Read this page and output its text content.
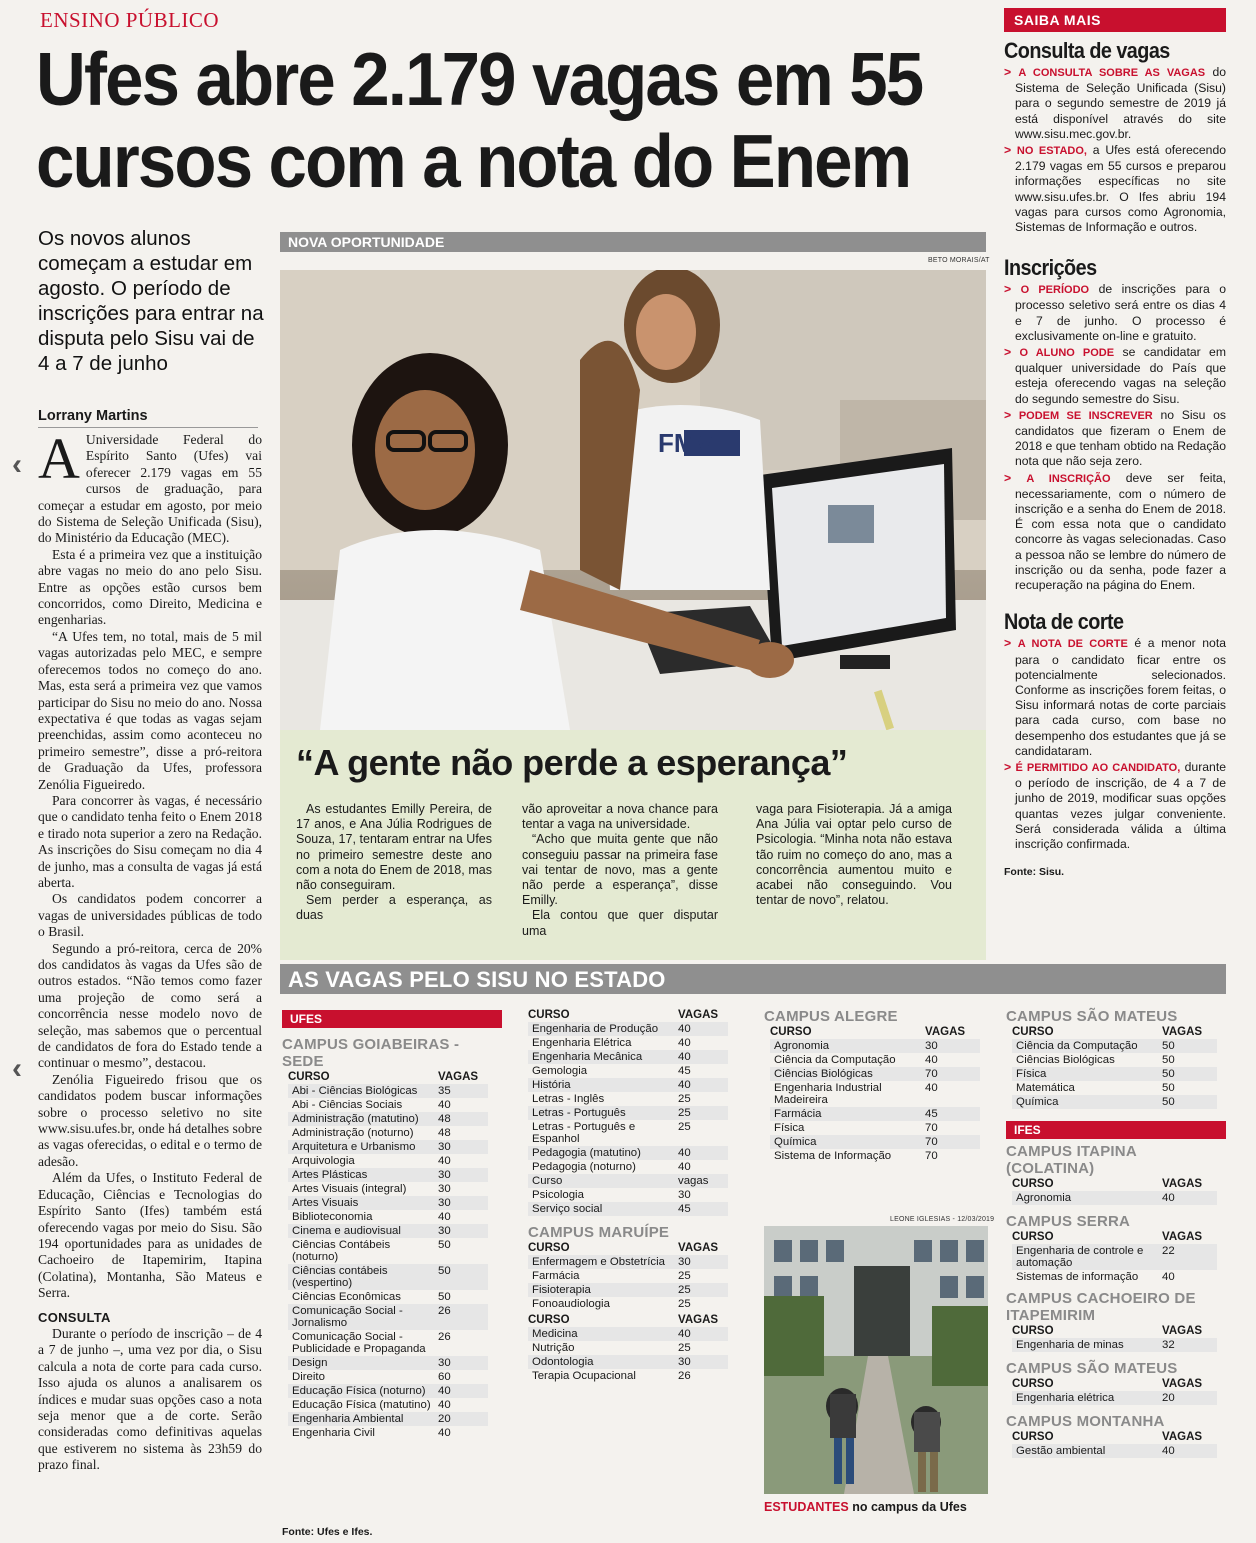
ENSINO PÚBLICO
Ufes abre 2.179 vagas em 55
cursos com a nota do Enem
Os novos alunos começam a estudar em agosto. O período de inscrições para entrar na disputa pelo Sisu vai de 4 a 7 de junho
Lorrany Martins
‹
‹

A Universidade Federal do Espírito Santo (Ufes) vai oferecer 2.179 vagas em 55 cursos de graduação, para começar a estudar em agosto, por meio do Sistema de Seleção Unificada (Sisu), do Ministério da Educação (MEC).

Esta é a primeira vez que a instituição abre vagas no meio do ano pelo Sisu. Entre as opções estão cursos bem concorridos, como Direito, Medicina e engenharias.

“A Ufes tem, no total, mais de 5 mil vagas autorizadas pelo MEC, e sempre oferecemos todos no começo do ano. Mas, esta será a primeira vez que vamos participar do Sisu no meio do ano. Nossa expectativa é que todas as vagas sejam preenchidas, assim como aconteceu no primeiro semestre”, disse a pró-reitora de Graduação da Ufes, professora Zenólia Figueiredo.

Para concorrer às vagas, é necessário que o candidato tenha feito o Enem 2018 e tirado nota superior a zero na Redação. As inscrições do Sisu começam no dia 4 de junho, mas a consulta de vagas já está aberta.

Os candidatos podem concorrer a vagas de universidades públicas de todo o Brasil.

Segundo a pró-reitora, cerca de 20% dos candidatos às vagas da Ufes são de outros estados. “Não temos como fazer uma projeção de como será a concorrência nesse modelo novo de seleção, mas sabemos que o percentual de candidatos de fora do Estado tende a continuar o mesmo”, destacou.

Zenólia Figueiredo frisou que os candidatos podem buscar informações sobre o processo seletivo no site www.sisu.ufes.br, onde há detalhes sobre as vagas oferecidas, o edital e o termo de adesão.

Além da Ufes, o Instituto Federal de Educação, Ciências e Tecnologias do Espírito Santo (Ifes) também está oferecendo vagas por meio do Sisu. São 194 oportunidades para as unidades de Cachoeiro de Itapemirim, Itapina (Colatina), Montanha, São Mateus e Serra.

CONSULTA

Durante o período de inscrição – de 4 a 7 de junho –, uma vez por dia, o Sisu calcula a nota de corte para cada curso. Isso ajuda os alunos a analisarem os índices e mudar suas opções caso a nota seja menor que a de corte. Serão consideradas como definitivas aquelas que estiverem no sistema às 23h59 do prazo final.

NOVA OPORTUNIDADE
BETO MORAIS/AT
FMV
“A gente não perde a esperança”

As estudantes Emilly Pereira, de 17 anos, e Ana Júlia Rodrigues de Souza, 17, tentaram entrar na Ufes no primeiro semestre deste ano com a nota do Enem de 2018, mas não conseguiram.

Sem perder a esperança, as duas

vão aproveitar a nova chance para tentar a vaga na universidade.

“Acho que muita gente que não conseguiu passar na primeira fase vai tentar de novo, mas a gente não perde a esperança”, disse Emilly.

Ela contou que quer disputar uma

vaga para Fisioterapia. Já a amiga Ana Júlia vai optar pelo curso de Psicologia. “Minha nota não estava tão ruim no começo do ano, mas a concorrência aumentou muito e acabei não conseguindo. Vou tentar de novo”, relatou.

SAIBA MAIS
Consulta de vagas

> A CONSULTA SOBRE AS VAGAS do Sistema de Seleção Unificada (Sisu) para o segundo semestre de 2019 já está disponível através do site www.sisu.mec.gov.br.

> NO ESTADO, a Ufes está oferecendo 2.179 vagas em 55 cursos e preparou informações específicas no site www.sisu.ufes.br. O Ifes abriu 194 vagas para cursos como Agronomia, Sistemas de Informação e outros.

Inscrições

> O PERÍODO de inscrições para o processo seletivo será entre os dias 4 e 7 de junho. O processo é exclusivamente on-line e gratuito.

> O ALUNO PODE se candidatar em qualquer universidade do País que esteja oferecendo vagas na seleção do segundo semestre do Sisu.

> PODEM SE INSCREVER no Sisu os candidatos que fizeram o Enem de 2018 e que tenham obtido na Redação nota que não seja zero.

> A INSCRIÇÃO deve ser feita, necessariamente, com o número de inscrição e a senha do Enem de 2018. É com essa nota que o candidato concorre às vagas selecionadas. Caso a pessoa não se lembre do número de inscrição ou da senha, pode fazer a recuperação na página do Enem.

Nota de corte

> A NOTA DE CORTE é a menor nota para o candidato ficar entre os potencialmente selecionados. Conforme as inscrições forem feitas, o Sisu informará notas de corte parciais para cada curso, com base no desempenho dos estudantes que já se candidataram.

> É PERMITIDO AO CANDIDATO, durante o período de inscrição, de 4 a 7 de junho de 2019, modificar suas opções quantas vezes julgar conveniente. Será considerada válida a última inscrição confirmada.

Fonte: Sisu.
AS VAGAS PELO SISU NO ESTADO
UFES
CAMPUS GOIABEIRAS - SEDE
CURSO	VAGAS
Abi - Ciências Biológicas	35
Abi - Ciências Sociais	40
Administração (matutino)	48
Administração (noturno)	48
Arquitetura e Urbanismo	30
Arquivologia	40
Artes Plásticas	30
Artes Visuais (integral)	30
Artes Visuais	30
Biblioteconomia	40
Cinema e audiovisual	30
Ciências Contábeis (noturno)	50
Ciências contábeis (vespertino)	50
Ciências Econômicas	50
Comunicação Social - Jornalismo	26
Comunicação Social - Publicidade e Propaganda	26
Design	30
Direito	60
Educação Física (noturno)	40
Educação Física (matutino)	40
Engenharia Ambiental	20
Engenharia Civil	40
CURSO	VAGAS
Engenharia de Produção	40
Engenharia Elétrica	40
Engenharia Mecânica	40
Gemologia	45
História	40
Letras - Inglês	25
Letras - Português	25
Letras - Português e Espanhol	25
Pedagogia (matutino)	40
Pedagogia (noturno)	40
Curso	vagas
Psicologia	30
Serviço social	45
CAMPUS MARUÍPE
CURSO	VAGAS
Enfermagem e Obstetrícia	30
Farmácia	25
Fisioterapia	25
Fonoaudiologia	25
CURSO	VAGAS
Medicina	40
Nutrição	25
Odontologia	30
Terapia Ocupacional	26
CAMPUS ALEGRE
CURSO	VAGAS
Agronomia	30
Ciência da Computação	40
Ciências Biológicas	70
Engenharia Industrial Madeireira	40
Farmácia	45
Física	70
Química	70
Sistema de Informação	70
LEONE IGLESIAS - 12/03/2019
ESTUDANTES no campus da Ufes
CAMPUS SÃO MATEUS
CURSO	VAGAS
Ciência da Computação	50
Ciências Biológicas	50
Física	50
Matemática	50
Química	50
IFES
CAMPUS ITAPINA (COLATINA)
CURSO	VAGAS
Agronomia	40
CAMPUS SERRA
CURSO	VAGAS
Engenharia de controle e automação	22
Sistemas de informação	40
CAMPUS CACHOEIRO DE ITAPEMIRIM
CURSO	VAGAS
Engenharia de minas	32
CAMPUS SÃO MATEUS
CURSO	VAGAS
Engenharia elétrica	20
CAMPUS MONTANHA
CURSO	VAGAS
Gestão ambiental	40
Fonte: Ufes e Ifes.
